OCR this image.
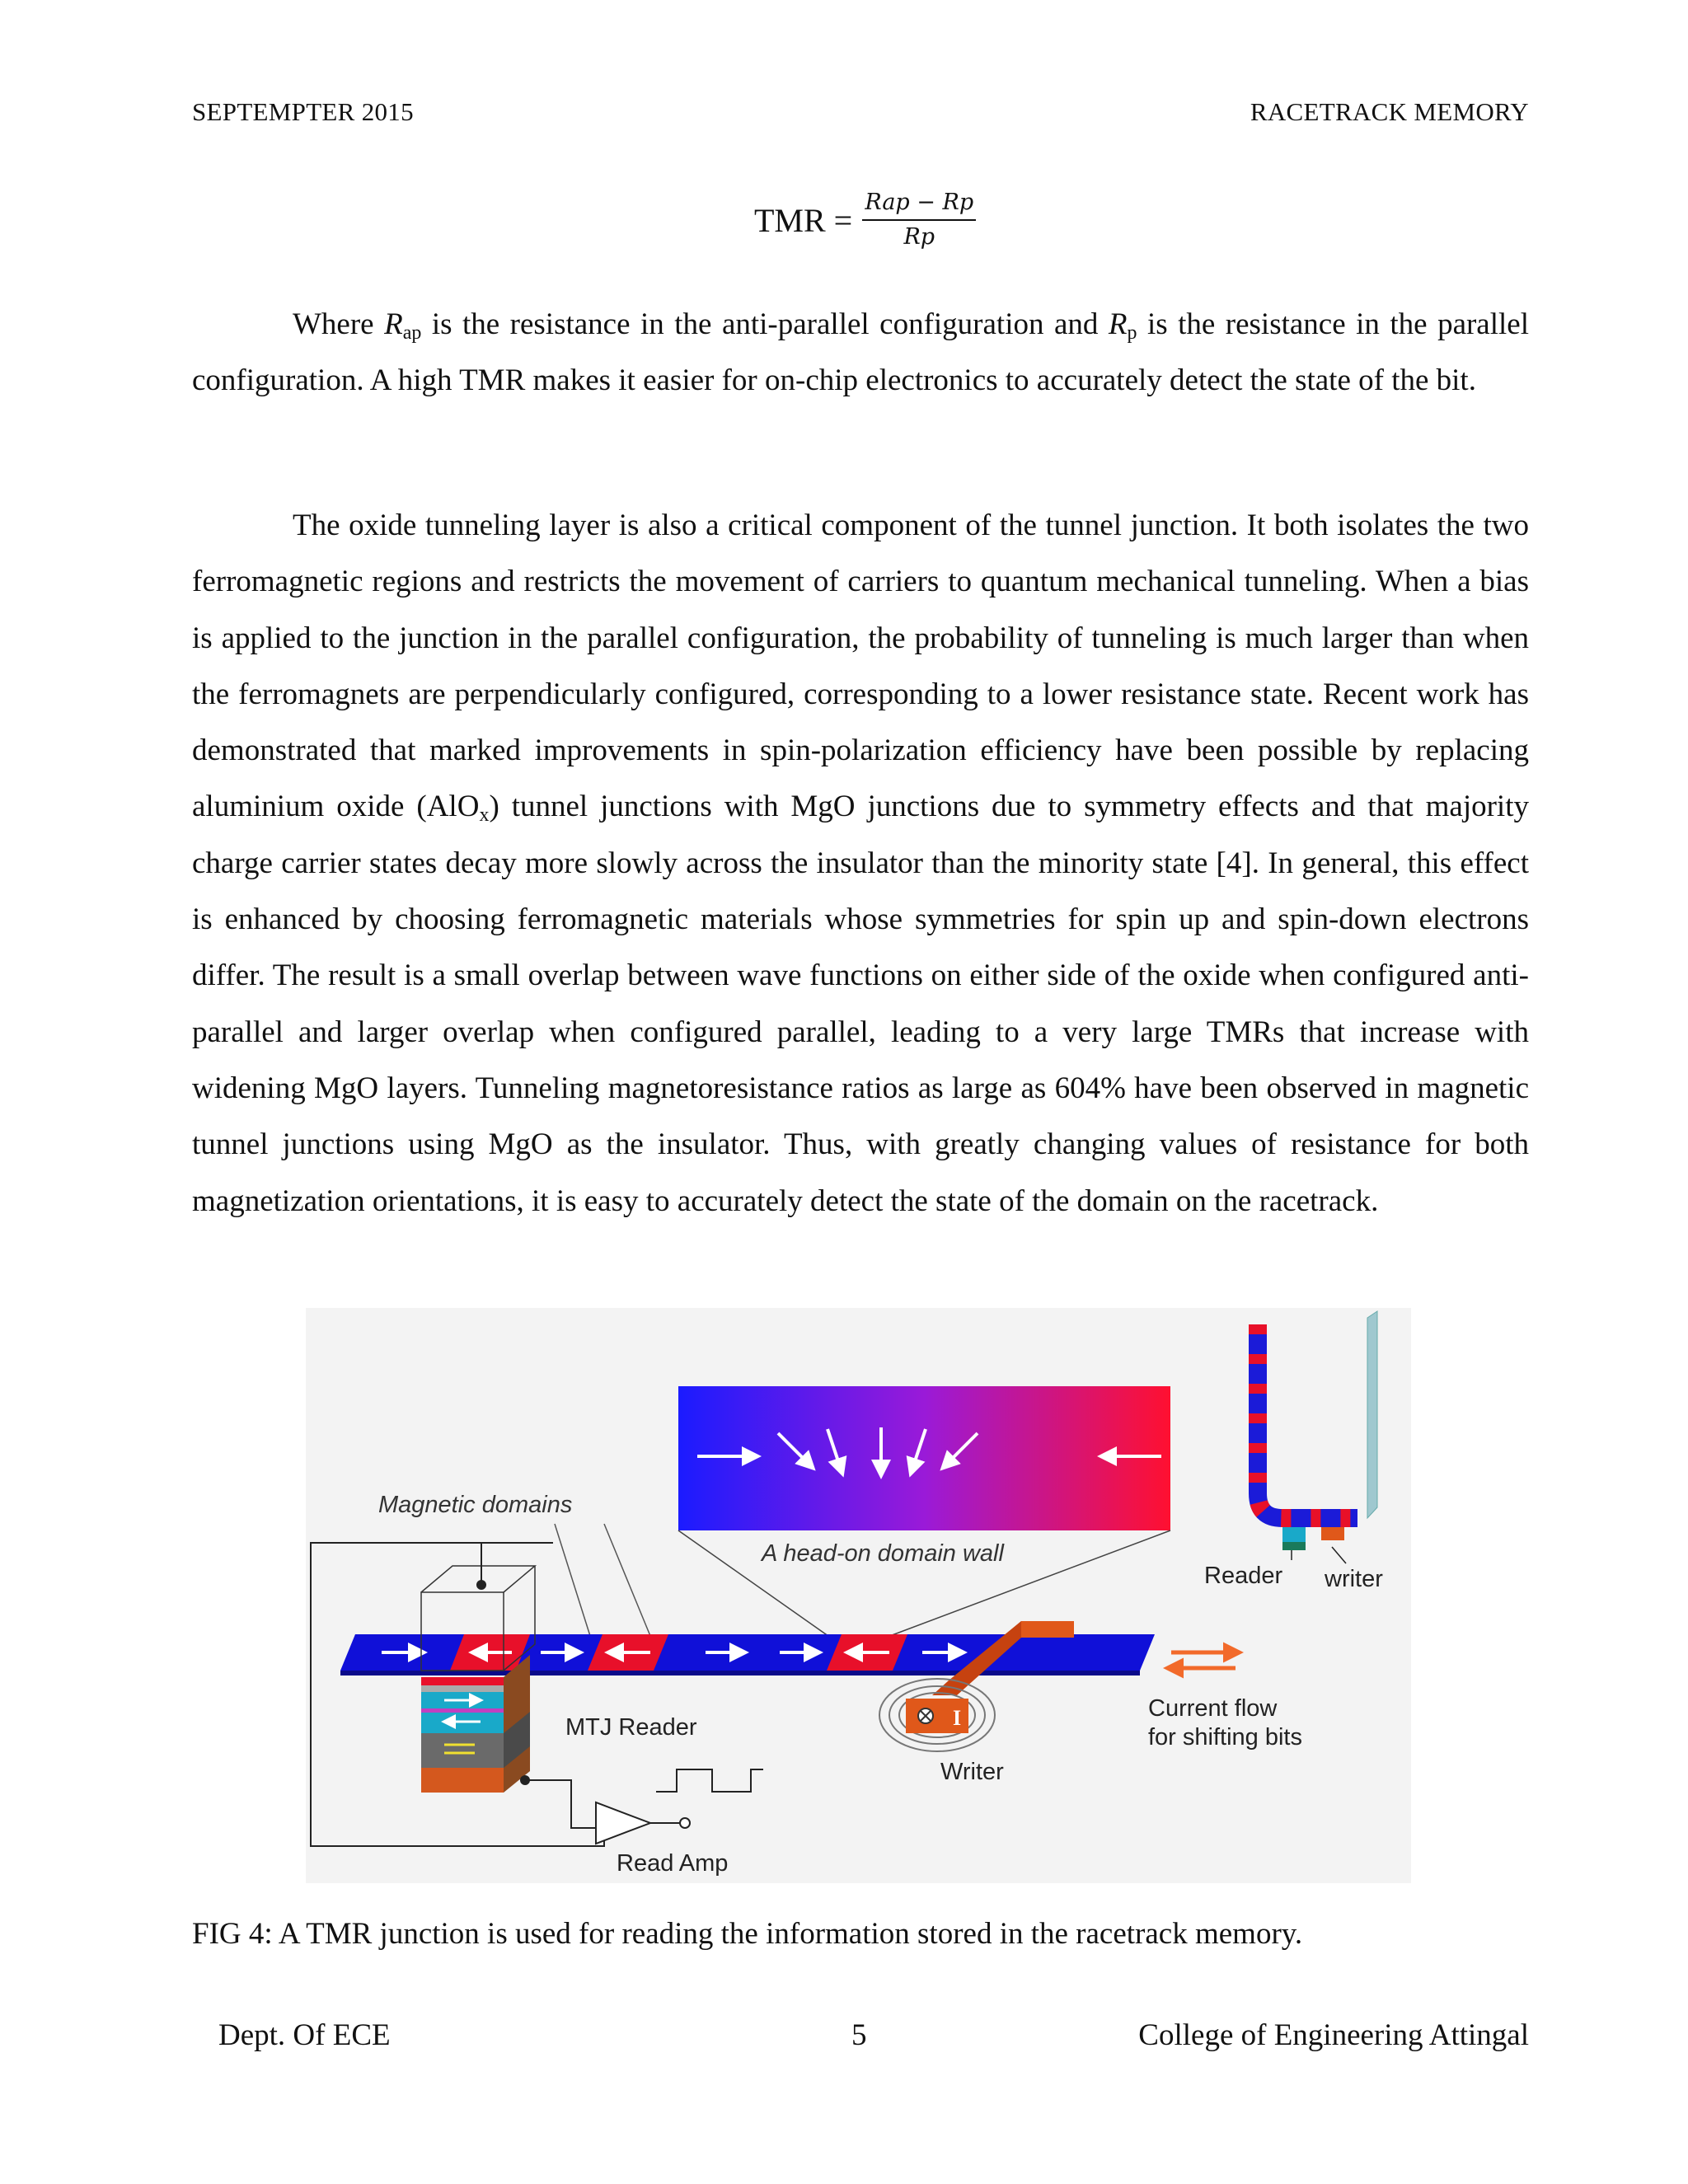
SEPTEMPTER 2015	RACETRACK MEMORY
TMR = $\frac{\text{Rap − Rp}}{Rp}$
Where $R_{ap}$ is the resistance in the anti-parallel configuration and $R_p$ is the resistance in the parallel configuration. A high TMR makes it easier for on-chip electronics to accurately detect the state of the bit.
The oxide tunneling layer is also a critical component of the tunnel junction. It both isolates the two ferromagnetic regions and restricts the movement of carriers to quantum mechanical tunneling. When a bias is applied to the junction in the parallel configuration, the probability of tunneling is much larger than when the ferromagnets are perpendicularly configured, corresponding to a lower resistance state. Recent work has demonstrated that marked improvements in spin-polarization efficiency have been possible by replacing aluminium oxide (AlO$_x$) tunnel junctions with MgO junctions due to symmetry effects and that majority charge carrier states decay more slowly across the insulator than the minority state [4]. In general, this effect is enhanced by choosing ferromagnetic materials whose symmetries for spin up and spin-down electrons differ. The result is a small overlap between wave functions on either side of the oxide when configured anti-parallel and larger overlap when configured parallel, leading to a very large TMRs that increase with widening MgO layers. Tunneling magnetoresistance ratios as large as 604% have been observed in magnetic tunnel junctions using MgO as the insulator. Thus, with greatly changing values of resistance for both magnetization orientations, it is easy to accurately detect the state of the domain on the racetrack.
Magnetic domains
A head-on domain wall
Reader writer
I
Writer
Current flow
for shifting bits
MTJ Reader
Read Amp
FIG 4: A TMR junction is used for reading the information stored in the racetrack memory.
Dept. Of ECE	5	College of Engineering Attingal
